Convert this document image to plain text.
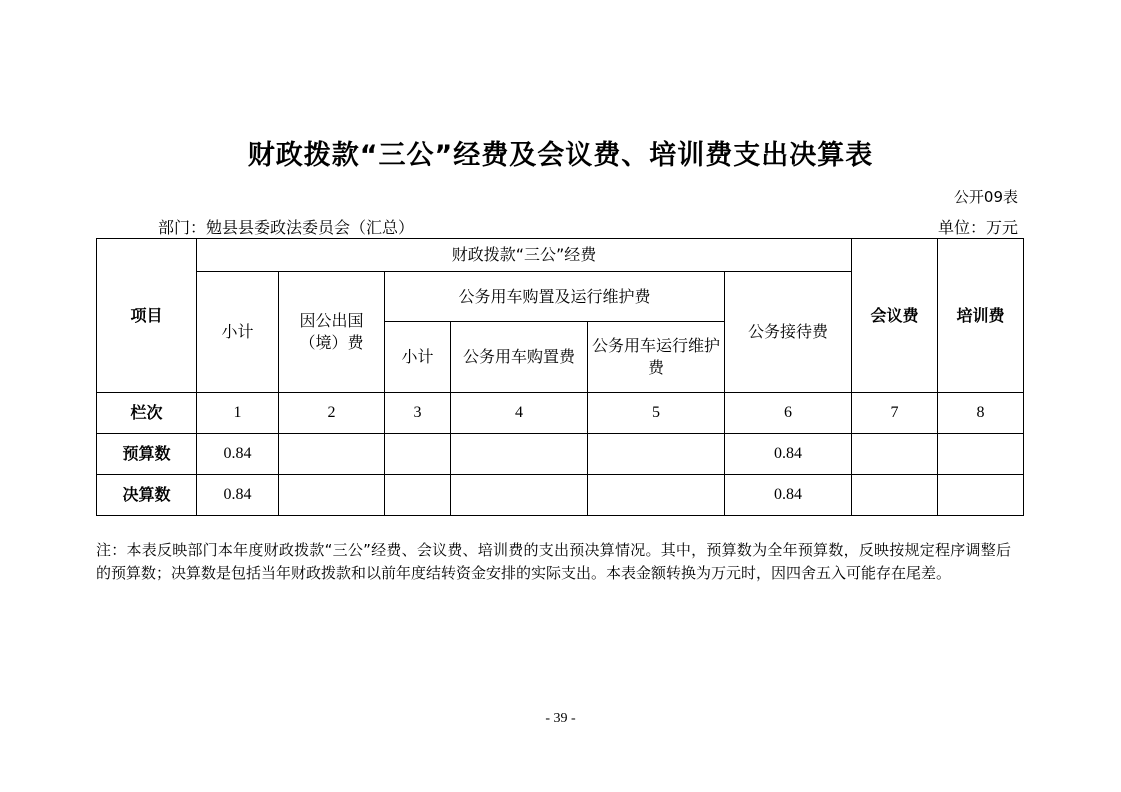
财政拨款“三公”经费及会议费、培训费支出决算表
公开09表
部门：勉县县委政法委员会（汇总）	单位：万元
项目	财政拨款“三公”经费						会议费	培训费
	小计	因公出国（境）费	公务用车购置及运行维护费			公务接待费		
			小计	公务用车购置费	公务用车运行维护费			
栏次	1	2	3	4	5	6	7	8
预算数	0.84					0.84		
决算数	0.84					0.84		
注：本表反映部门本年度财政拨款“三公”经费、会议费、培训费的支出预决算情况。其中，预算数为全年预算数，反映按规定程序调整后的预算数；决算数是包括当年财政拨款和以前年度结转资金安排的实际支出。本表金额转换为万元时，因四舍五入可能存在尾差。
- 39 -
